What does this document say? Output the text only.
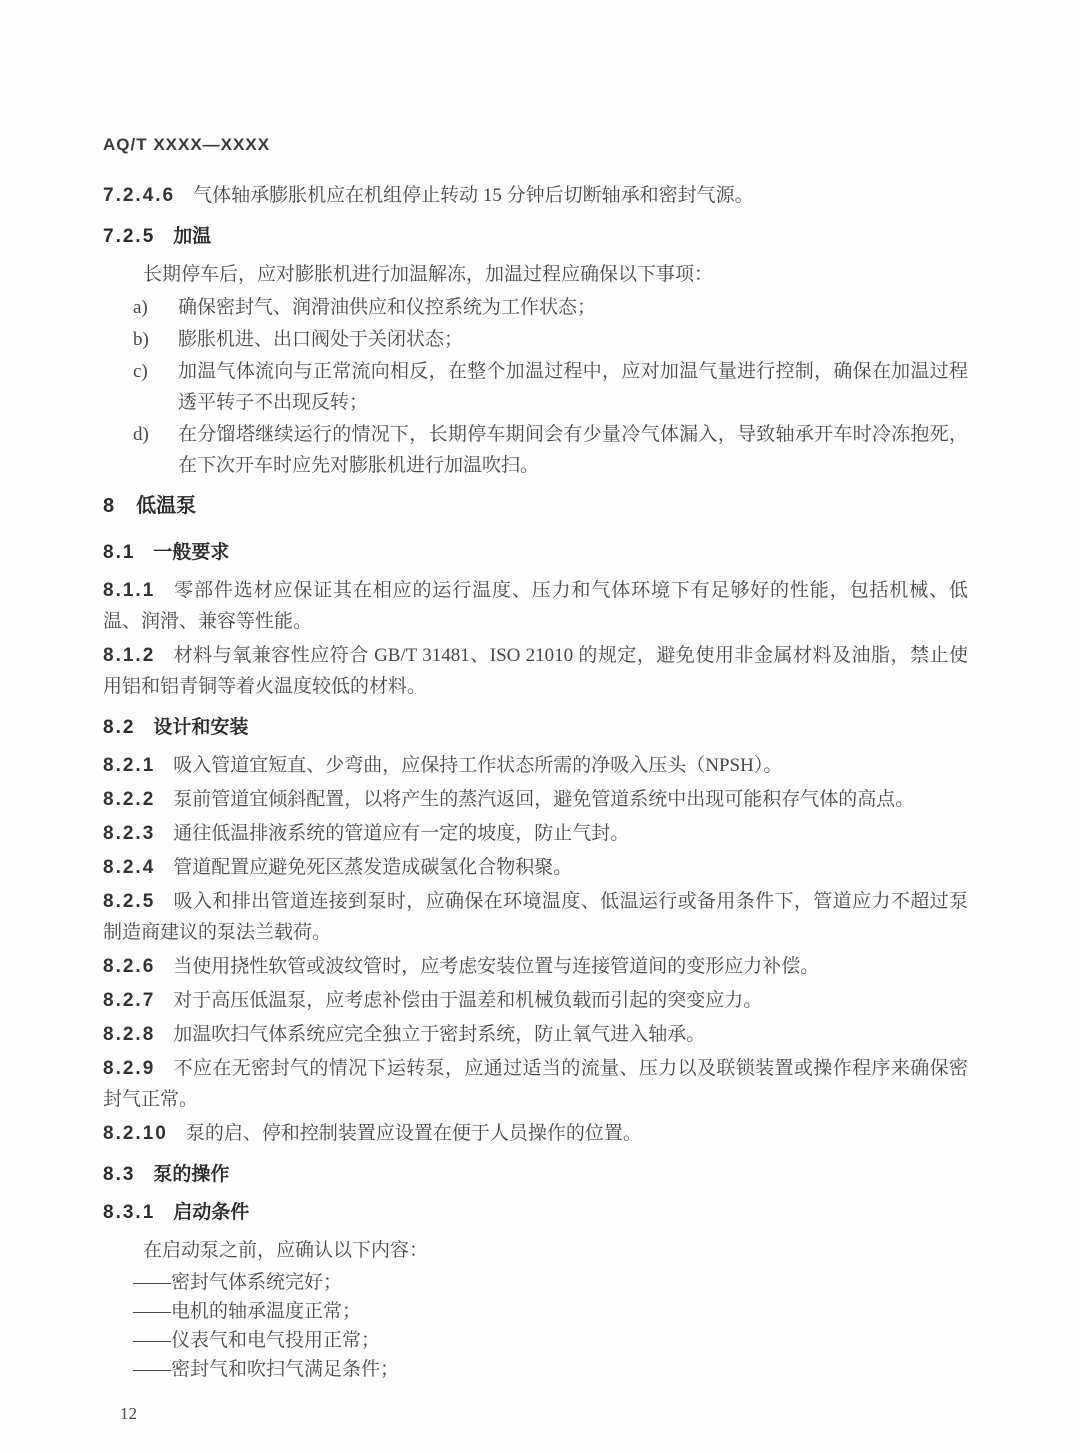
AQ/T XXXX—XXXX

7.2.4.6 气体轴承膨胀机应在机组停止转动 15 分钟后切断轴承和密封气源。

7.2.5 加温

长期停车后，应对膨胀机进行加温解冻，加温过程应确保以下事项：

a) 确保密封气、润滑油供应和仪控系统为工作状态；
b) 膨胀机进、出口阀处于关闭状态；
c) 加温气体流向与正常流向相反，在整个加温过程中，应对加温气量进行控制，确保在加温过程透平转子不出现反转；
d) 在分馏塔继续运行的情况下，长期停车期间会有少量冷气体漏入，导致轴承开车时冷冻抱死，在下次开车时应先对膨胀机进行加温吹扫。
8 低温泵
8.1 一般要求

8.1.1 零部件选材应保证其在相应的运行温度、压力和气体环境下有足够好的性能，包括机械、低温、润滑、兼容等性能。

8.1.2 材料与氧兼容性应符合 GB/T 31481、ISO 21010 的规定，避免使用非金属材料及油脂，禁止使用铝和铝青铜等着火温度较低的材料。

8.2 设计和安装

8.2.1 吸入管道宜短直、少弯曲，应保持工作状态所需的净吸入压头（NPSH）。

8.2.2 泵前管道宜倾斜配置，以将产生的蒸汽返回，避免管道系统中出现可能积存气体的高点。

8.2.3 通往低温排液系统的管道应有一定的坡度，防止气封。

8.2.4 管道配置应避免死区蒸发造成碳氢化合物积聚。

8.2.5 吸入和排出管道连接到泵时，应确保在环境温度、低温运行或备用条件下，管道应力不超过泵制造商建议的泵法兰载荷。

8.2.6 当使用挠性软管或波纹管时，应考虑安装位置与连接管道间的变形应力补偿。

8.2.7 对于高压低温泵，应考虑补偿由于温差和机械负载而引起的突变应力。

8.2.8 加温吹扫气体系统应完全独立于密封系统，防止氧气进入轴承。

8.2.9 不应在无密封气的情况下运转泵，应通过适当的流量、压力以及联锁装置或操作程序来确保密封气正常。

8.2.10 泵的启、停和控制装置应设置在便于人员操作的位置。

8.3 泵的操作
8.3.1 启动条件

在启动泵之前，应确认以下内容：

——密封气体系统完好；

——电机的轴承温度正常；

——仪表气和电气投用正常；

——密封气和吹扫气满足条件；

12
